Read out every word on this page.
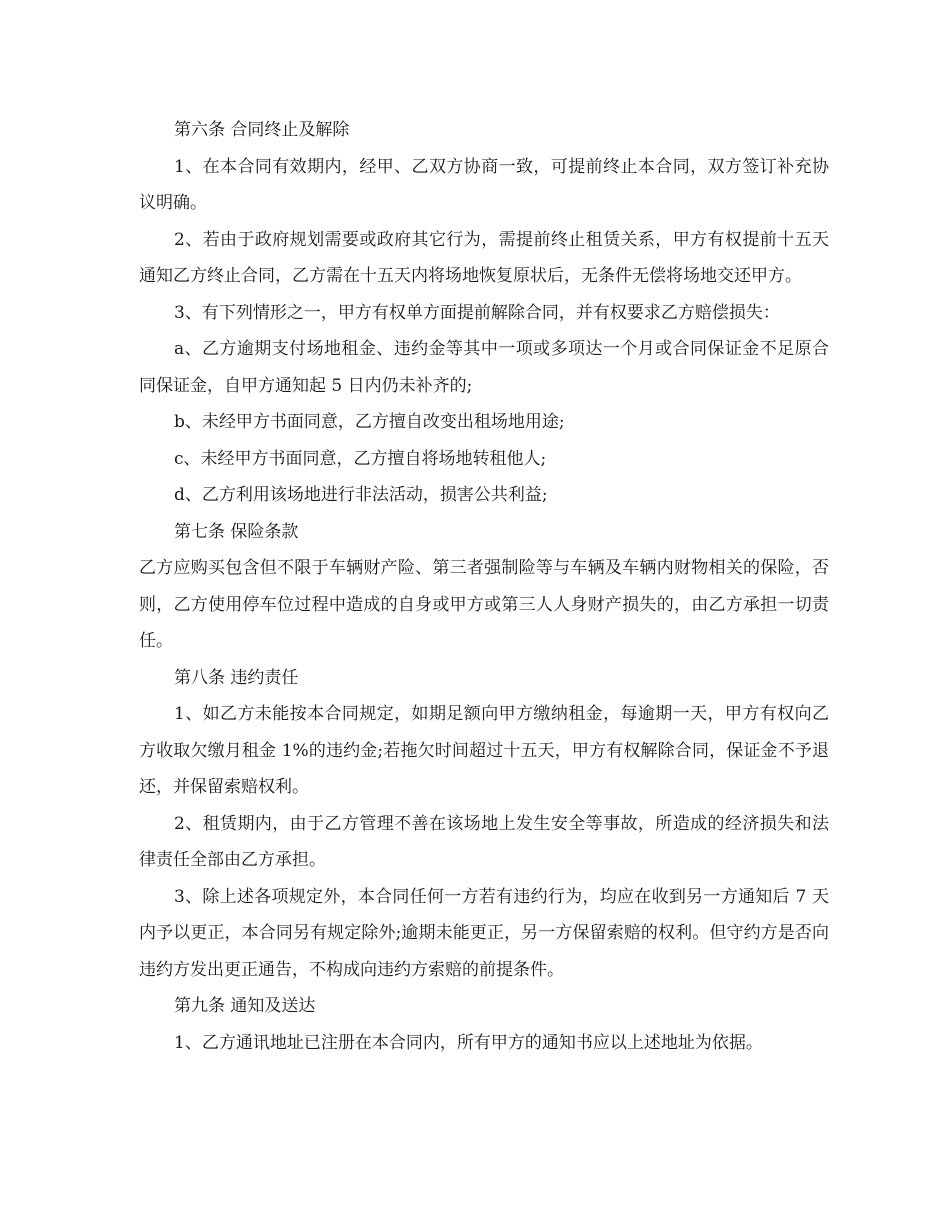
第六条 合同终止及解除

1、在本合同有效期内，经甲、乙双方协商一致，可提前终止本合同，双方签订补充协议明确。

2、若由于政府规划需要或政府其它行为，需提前终止租赁关系，甲方有权提前十五天通知乙方终止合同，乙方需在十五天内将场地恢复原状后，无条件无偿将场地交还甲方。

3、有下列情形之一，甲方有权单方面提前解除合同，并有权要求乙方赔偿损失：

a、乙方逾期支付场地租金、违约金等其中一项或多项达一个月或合同保证金不足原合同保证金，自甲方通知起 5 日内仍未补齐的;

b、未经甲方书面同意，乙方擅自改变出租场地用途;

c、未经甲方书面同意，乙方擅自将场地转租他人;

d、乙方利用该场地进行非法活动，损害公共利益;

第七条 保险条款

乙方应购买包含但不限于车辆财产险、第三者强制险等与车辆及车辆内财物相关的保险，否则，乙方使用停车位过程中造成的自身或甲方或第三人人身财产损失的，由乙方承担一切责任。

第八条 违约责任

1、如乙方未能按本合同规定，如期足额向甲方缴纳租金，每逾期一天，甲方有权向乙方收取欠缴月租金 1%的违约金;若拖欠时间超过十五天，甲方有权解除合同，保证金不予退还，并保留索赔权利。

2、租赁期内，由于乙方管理不善在该场地上发生安全等事故，所造成的经济损失和法律责任全部由乙方承担。

3、除上述各项规定外，本合同任何一方若有违约行为，均应在收到另一方通知后 7 天内予以更正，本合同另有规定除外;逾期未能更正，另一方保留索赔的权利。但守约方是否向违约方发出更正通告，不构成向违约方索赔的前提条件。

第九条 通知及送达

1、乙方通讯地址已注册在本合同内，所有甲方的通知书应以上述地址为依据。
